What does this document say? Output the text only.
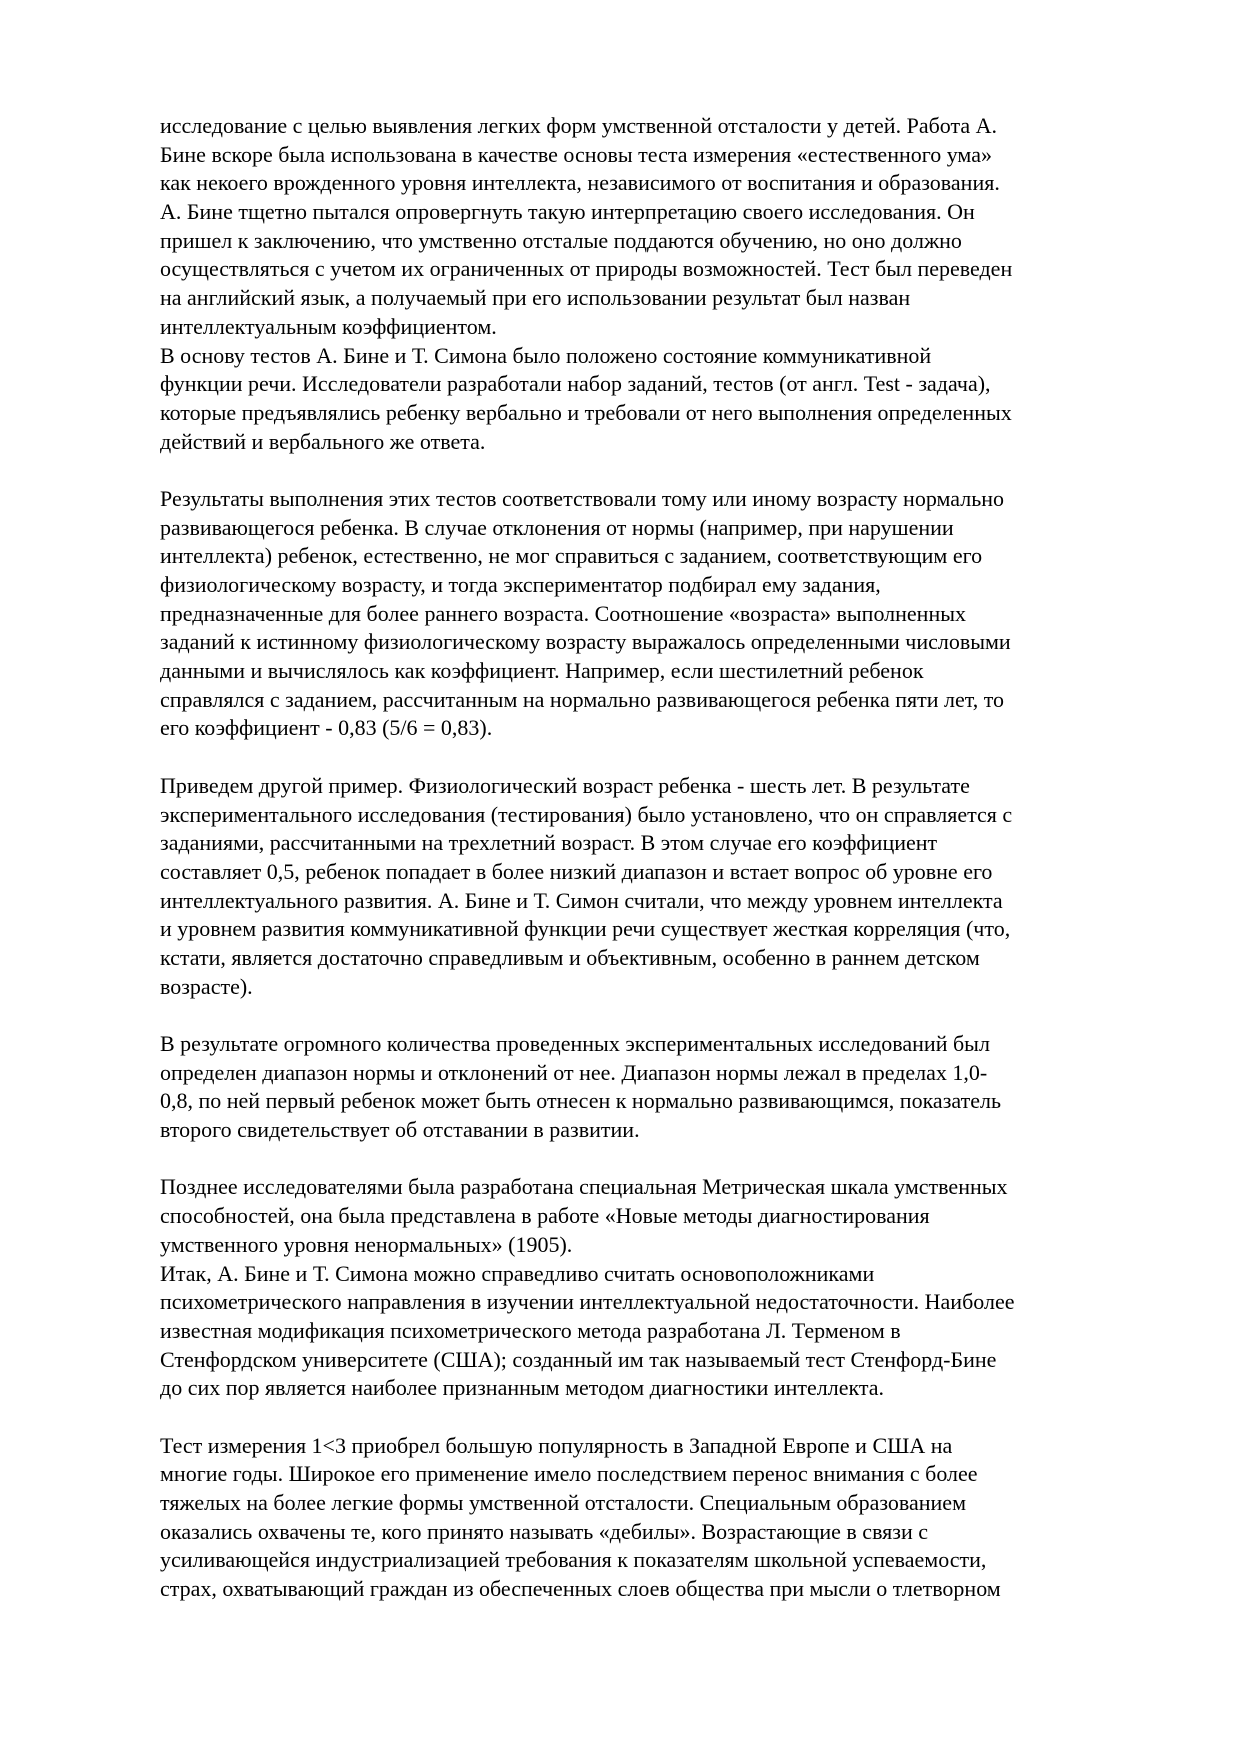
исследование с целью выявления легких форм умственной отсталости у детей. Работа А.
Бине вскоре была использована в качестве основы теста измерения «естественного ума»
как некоего врожденного уровня интеллекта, независимого от воспитания и образования.
А. Бине тщетно пытался опровергнуть такую интерпретацию своего исследования. Он
пришел к заключению, что умственно отсталые поддаются обучению, но оно должно
осуществляться с учетом их ограниченных от природы возможностей. Тест был переведен
на английский язык, а получаемый при его использовании результат был назван
интеллектуальным коэффициентом.
В основу тестов А. Бине и Т. Симона было положено состояние коммуникативной
функции речи. Исследователи разработали набор заданий, тестов (от англ. Test - задача),
которые предъявлялись ребенку вербально и требовали от него выполнения определенных
действий и вербального же ответа.
Результаты выполнения этих тестов соответствовали тому или иному возрасту нормально
развивающегося ребенка. В случае отклонения от нормы (например, при нарушении
интеллекта) ребенок, естественно, не мог справиться с заданием, соответствующим его
физиологическому возрасту, и тогда экспериментатор подбирал ему задания,
предназначенные для более раннего возраста. Соотношение «возраста» выполненных
заданий к истинному физиологическому возрасту выражалось определенными числовыми
данными и вычислялось как коэффициент. Например, если шестилетний ребенок
справлялся с заданием, рассчитанным на нормально развивающегося ребенка пяти лет, то
его коэффициент - 0,83 (5/6 = 0,83).
Приведем другой пример. Физиологический возраст ребенка - шесть лет. В результате
экспериментального исследования (тестирования) было установлено, что он справляется с
заданиями, рассчитанными на трехлетний возраст. В этом случае его коэффициент
составляет 0,5, ребенок попадает в более низкий диапазон и встает вопрос об уровне его
интеллектуального развития. А. Бине и Т. Симон считали, что между уровнем интеллекта
и уровнем развития коммуникативной функции речи существует жесткая корреляция (что,
кстати, является достаточно справедливым и объективным, особенно в раннем детском
возрасте).
В результате огромного количества проведенных экспериментальных исследований был
определен диапазон нормы и отклонений от нее. Диапазон нормы лежал в пределах 1,0-
0,8, по ней первый ребенок может быть отнесен к нормально развивающимся, показатель
второго свидетельствует об отставании в развитии.
Позднее исследователями была разработана специальная Метрическая шкала умственных
способностей, она была представлена в работе «Новые методы диагностирования
умственного уровня ненормальных» (1905).
Итак, А. Бине и Т. Симона можно справедливо считать основоположниками
психометрического направления в изучении интеллектуальной недостаточности. Наиболее
известная модификация психометрического метода разработана Л. Терменом в
Стенфордском университете (США); созданный им так называемый тест Стенфорд-Бине
до сих пор является наиболее признанным методом диагностики интеллекта.
Тест измерения 1<3 приобрел большую популярность в Западной Европе и США на
многие годы. Широкое его применение имело последствием перенос внимания с более
тяжелых на более легкие формы умственной отсталости. Специальным образованием
оказались охвачены те, кого принято называть «дебилы». Возрастающие в связи с
усиливающейся индустриализацией требования к показателям школьной успеваемости,
страх, охватывающий граждан из обеспеченных слоев общества при мысли о тлетворном
